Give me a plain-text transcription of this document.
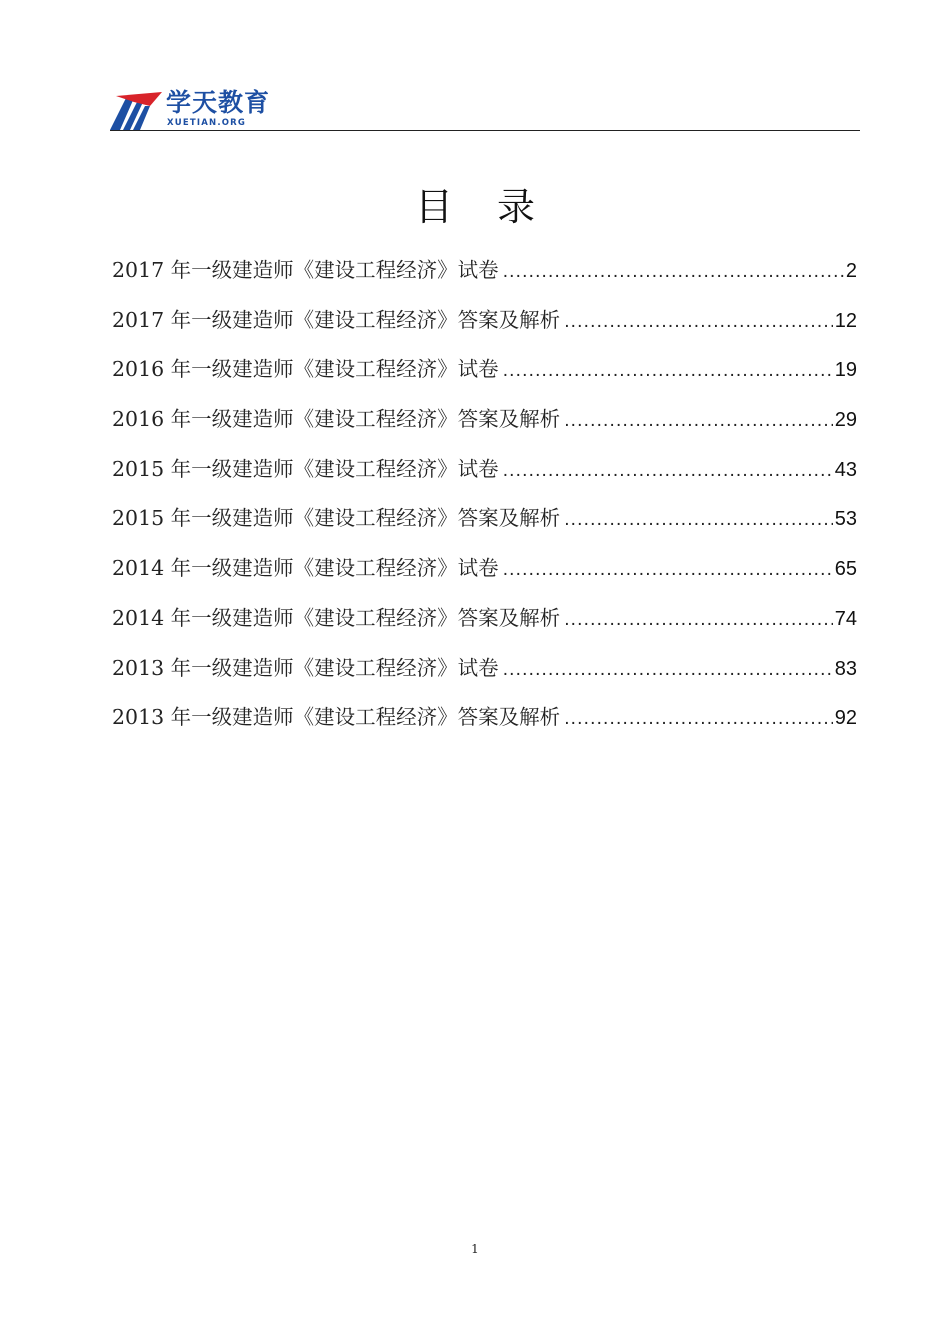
学天教育
XUETIAN.ORG
目 录
2017 年一级建造师《建设工程经济》试卷 .....	2
2017 年一级建造师《建设工程经济》答案及解析 .....	12
2016 年一级建造师《建设工程经济》试卷 .....	19
2016 年一级建造师《建设工程经济》答案及解析 .....	29
2015 年一级建造师《建设工程经济》试卷 .....	43
2015 年一级建造师《建设工程经济》答案及解析 .....	53
2014 年一级建造师《建设工程经济》试卷 .....	65
2014 年一级建造师《建设工程经济》答案及解析 .....	74
2013 年一级建造师《建设工程经济》试卷 .....	83
2013 年一级建造师《建设工程经济》答案及解析 .....	92
1
